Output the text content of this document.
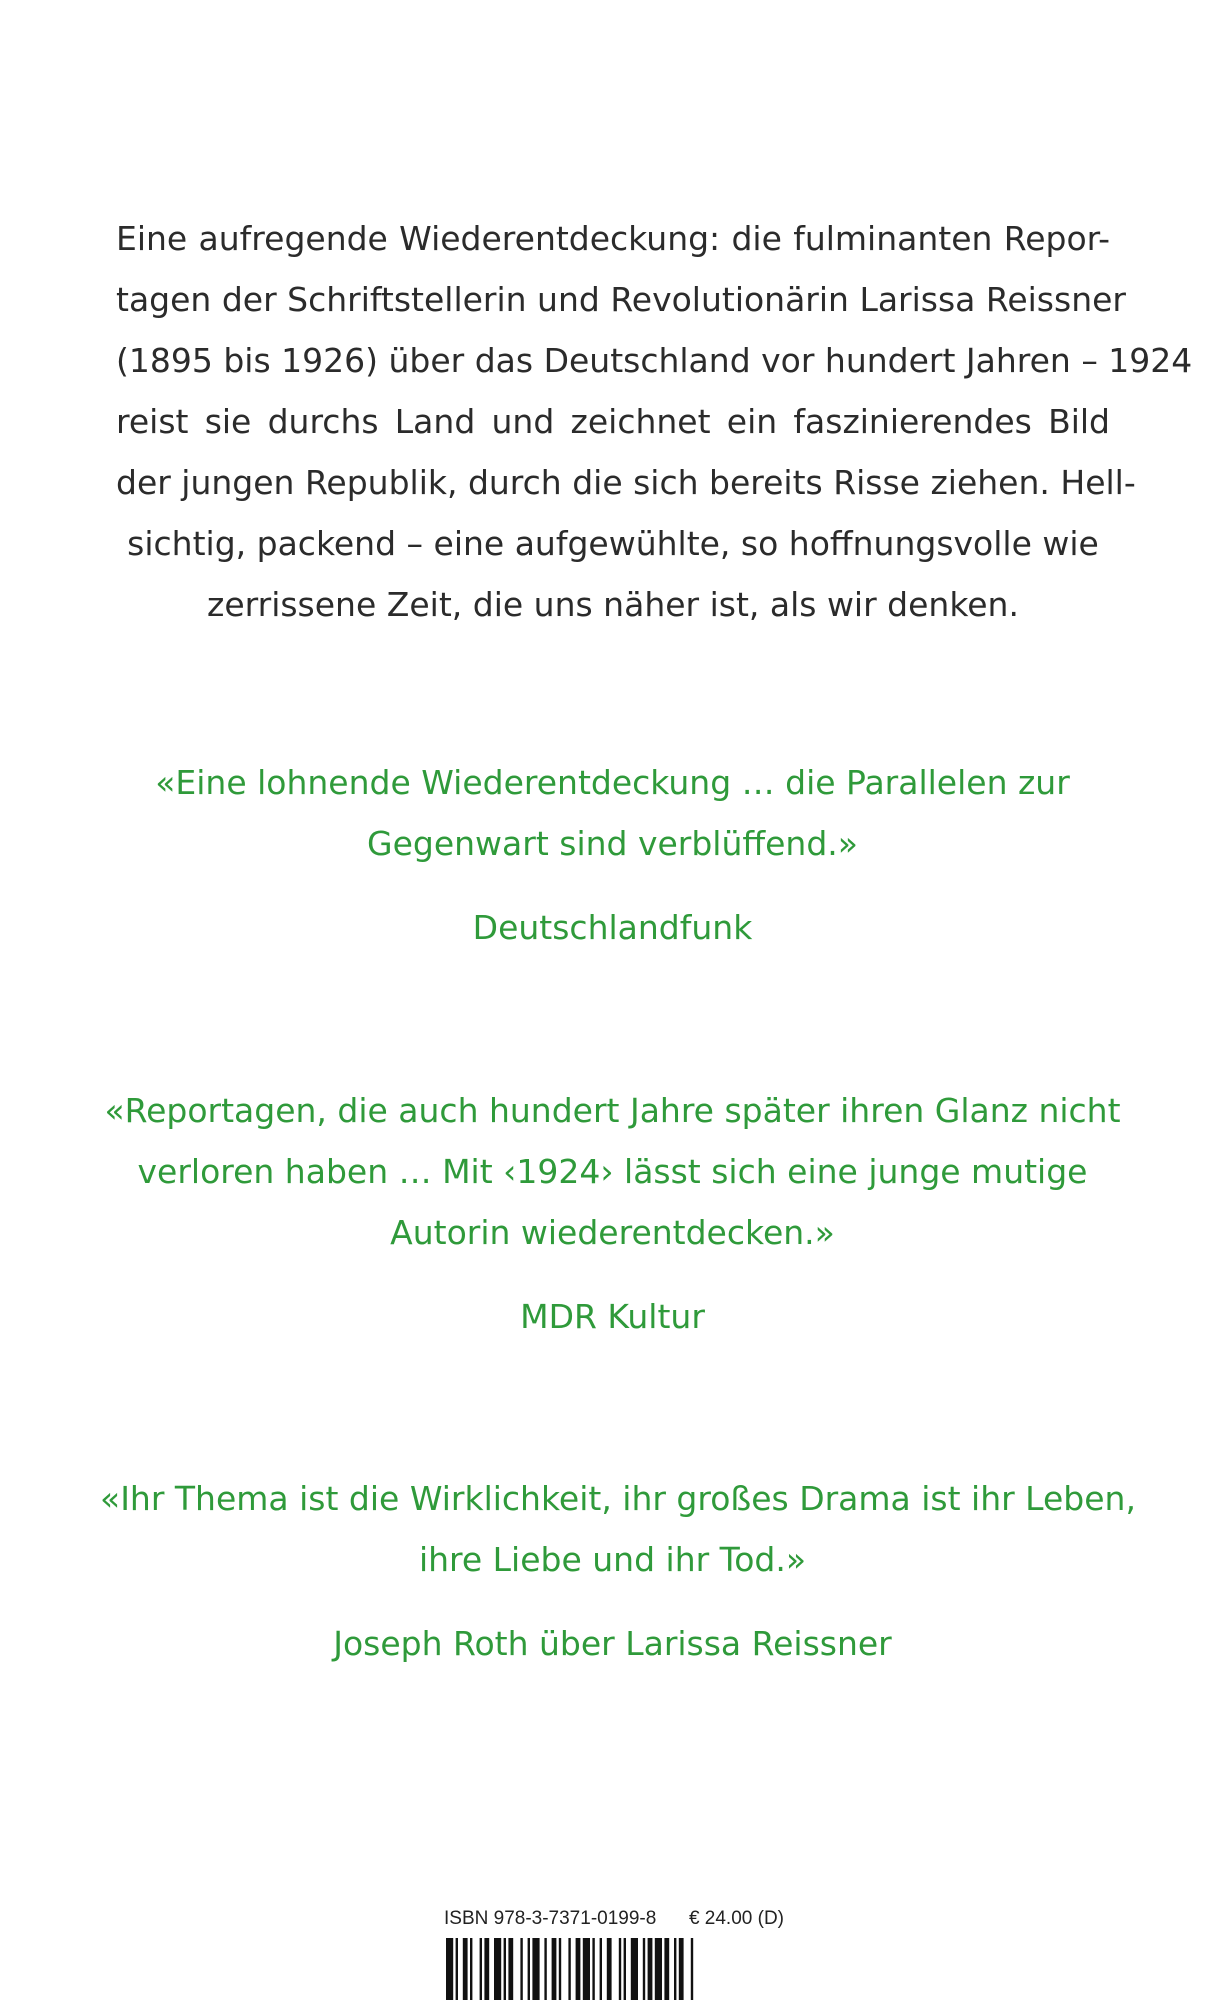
Eine aufregende Wiederentdeckung: die fulminanten Repor-
tagen der Schriftstellerin und Revolutionärin Larissa Reissner
(1895 bis 1926) über das Deutschland vor hundert Jahren – 1924
reist sie durchs Land und zeichnet ein faszinierendes Bild
der jungen Republik, durch die sich bereits Risse ziehen. Hell-
sichtig, packend – eine aufgewühlte, so hoffnungsvolle wie
zerrissene Zeit, die uns näher ist, als wir denken.
«Eine lohnende Wiederentdeckung … die Parallelen zur
Gegenwart sind verblüffend.»
Deutschlandfunk
«Reportagen, die auch hundert Jahre später ihren Glanz nicht
verloren haben … Mit ‹1924› lässt sich eine junge mutige
Autorin wiederentdecken.»
MDR Kultur
«Ihr Thema ist die Wirklichkeit, ihr großes Drama ist ihr Leben,
ihre Liebe und ihr Tod.»
Joseph Roth über Larissa Reissner
ISBN 978-3-7371-0199-8 € 24.00 (D)
